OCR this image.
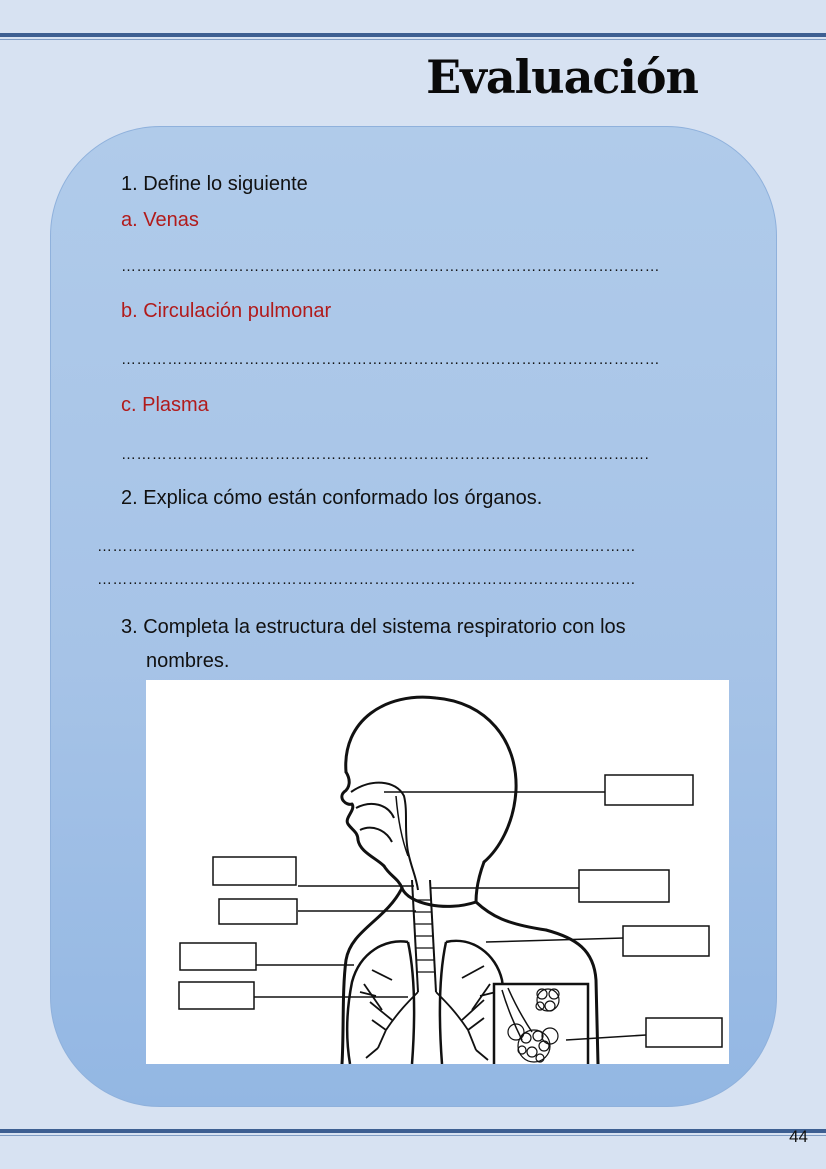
Evaluación
1. Define lo siguiente
a. Venas
……………………………………………………………………………………………
b. Circulación pulmonar
……………………………………………………………………………………………
c. Plasma
………………………………………………………………………………………….
2. Explica cómo están conformado los órganos.
……………………………………………………………………………………………
……………………………………………………………………………………………
3. Completa la estructura del sistema respiratorio con los
nombres.
44
